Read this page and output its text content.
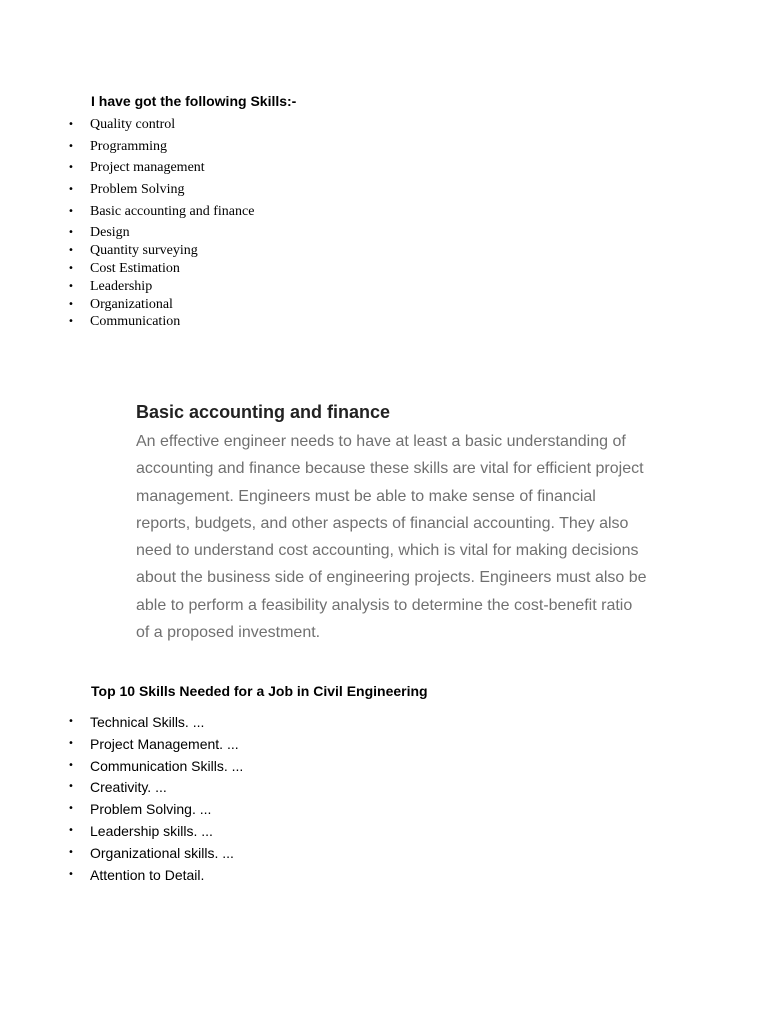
I have got the following Skills:-
• Quality control
• Programming
• Project management
• Problem Solving
• Basic accounting and finance
• Design
• Quantity surveying
• Cost Estimation
• Leadership
• Organizational
• Communication
Basic accounting and finance

An effective engineer needs to have at least a basic understanding of
accounting and finance because these skills are vital for efficient project
management. Engineers must be able to make sense of financial
reports, budgets, and other aspects of financial accounting. They also
need to understand cost accounting, which is vital for making decisions
about the business side of engineering projects. Engineers must also be
able to perform a feasibility analysis to determine the cost-benefit ratio
of a proposed investment.

Top 10 Skills Needed for a Job in Civil Engineering
• Technical Skills. ...
• Project Management. ...
• Communication Skills. ...
• Creativity. ...
• Problem Solving. ...
• Leadership skills. ...
• Organizational skills. ...
• Attention to Detail.
